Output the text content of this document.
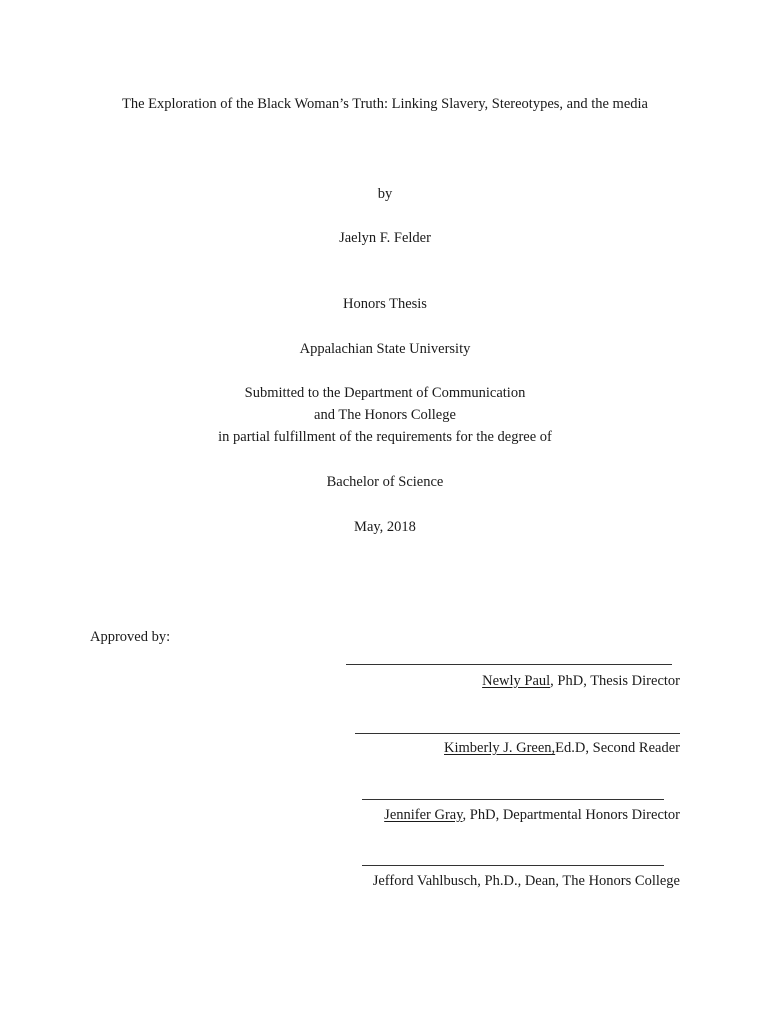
The Exploration of the Black Woman’s Truth: Linking Slavery, Stereotypes, and the media
by
Jaelyn F. Felder
Honors Thesis
Appalachian State University
Submitted to the Department of Communication
and The Honors College
in partial fulfillment of the requirements for the degree of
Bachelor of Science
May, 2018
Approved by:
Newly Paul, PhD, Thesis Director
Kimberly J. Green,Ed.D, Second Reader
Jennifer Gray, PhD, Departmental Honors Director
Jefford Vahlbusch, Ph.D., Dean, The Honors College
